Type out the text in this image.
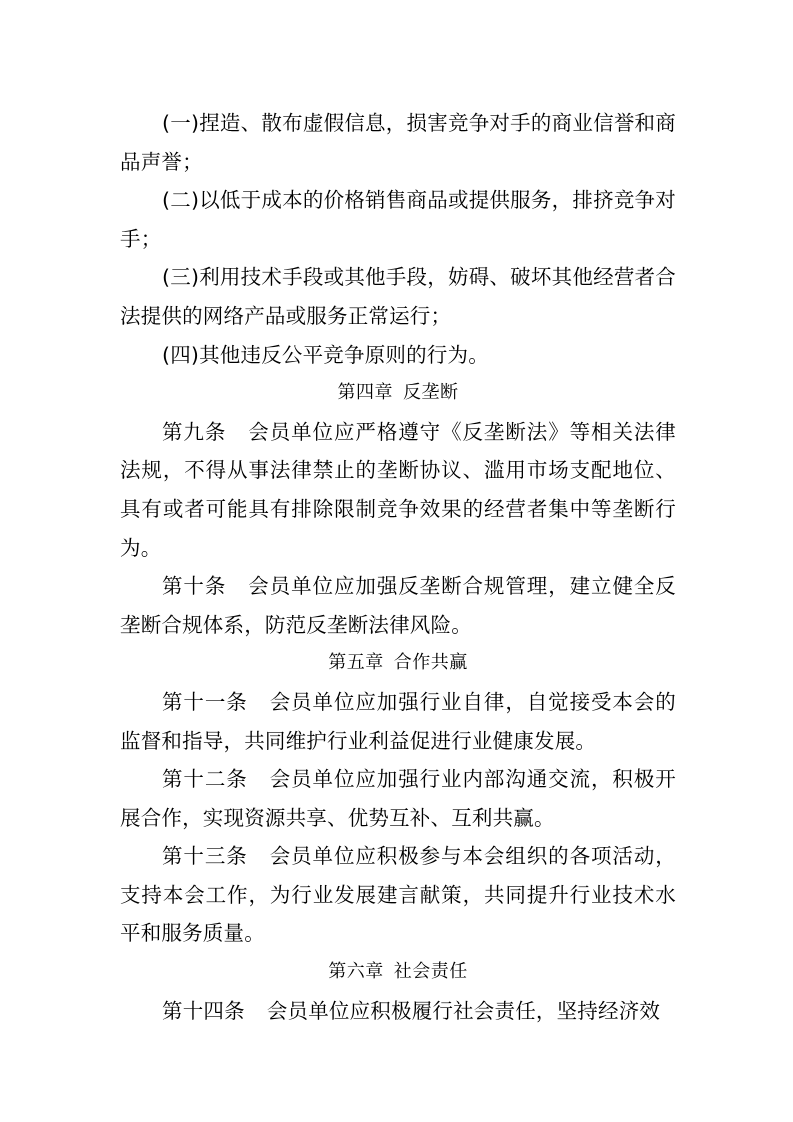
(一)捏造、散布虚假信息，损害竞争对手的商业信誉和商品声誉；

(二)以低于成本的价格销售商品或提供服务，排挤竞争对手；

(三)利用技术手段或其他手段，妨碍、破坏其他经营者合法提供的网络产品或服务正常运行；

(四)其他违反公平竞争原则的行为。

第四章 反垄断

第九条 会员单位应严格遵守《反垄断法》等相关法律法规，不得从事法律禁止的垄断协议、滥用市场支配地位、具有或者可能具有排除限制竞争效果的经营者集中等垄断行为。

第十条 会员单位应加强反垄断合规管理，建立健全反垄断合规体系，防范反垄断法律风险。

第五章 合作共赢

第十一条 会员单位应加强行业自律，自觉接受本会的监督和指导，共同维护行业利益促进行业健康发展。

第十二条 会员单位应加强行业内部沟通交流，积极开展合作，实现资源共享、优势互补、互利共赢。

第十三条 会员单位应积极参与本会组织的各项活动，支持本会工作，为行业发展建言献策，共同提升行业技术水平和服务质量。

第六章 社会责任

第十四条 会员单位应积极履行社会责任，坚持经济效
